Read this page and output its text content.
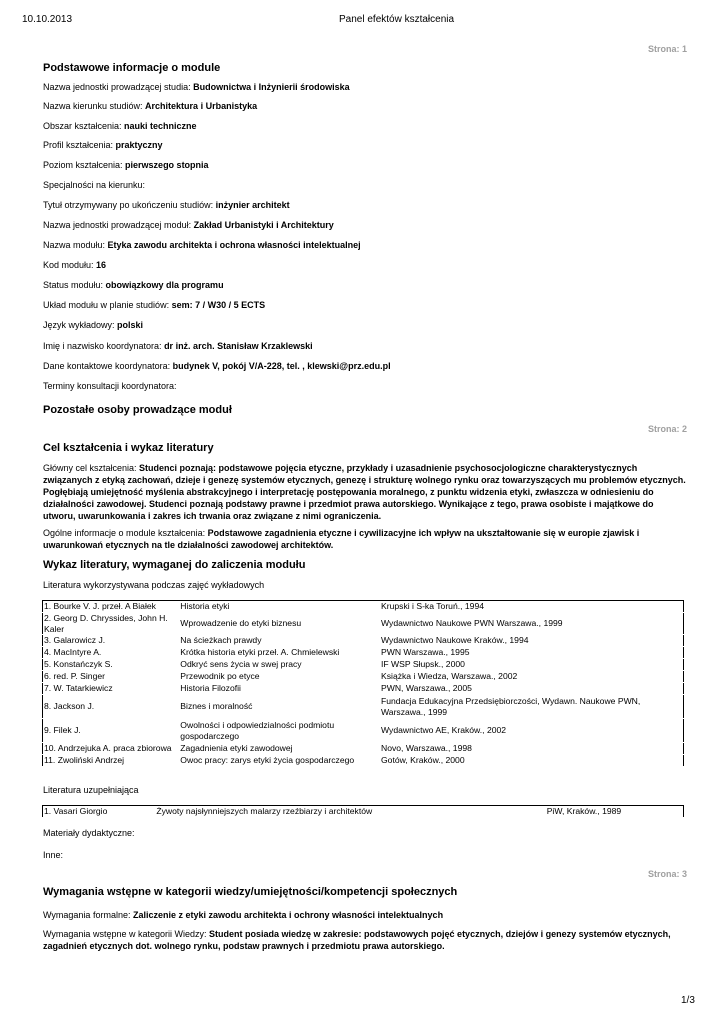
10.10.2013	Panel efektów kształcenia
Strona: 1
Podstawowe informacje o module
Nazwa jednostki prowadzącej studia: Budownictwa i Inżynierii środowiska
Nazwa kierunku studiów: Architektura i Urbanistyka
Obszar kształcenia: nauki techniczne
Profil kształcenia: praktyczny
Poziom kształcenia: pierwszego stopnia
Specjalności na kierunku:
Tytuł otrzymywany po ukończeniu studiów: inżynier architekt
Nazwa jednostki prowadzącej moduł: Zakład Urbanistyki i Architektury
Nazwa modułu: Etyka zawodu architekta i ochrona własności intelektualnej
Kod modułu: 16
Status modułu: obowiązkowy dla programu
Układ modułu w planie studiów: sem: 7 / W30 / 5 ECTS
Język wykładowy: polski
Imię i nazwisko koordynatora: dr inż. arch. Stanisław Krzaklewski
Dane kontaktowe koordynatora: budynek V, pokój V/A-228, tel. , klewski@prz.edu.pl
Terminy konsultacji koordynatora:
Pozostałe osoby prowadzące moduł
Strona: 2
Cel kształcenia i wykaz literatury
Główny cel kształcenia: Studenci poznają: podstawowe pojęcia etyczne, przykłady i uzasadnienie psychosocjologiczne charakterystycznych związanych z etyką zachowań, dzieje i genezę systemów etycznych, genezę i strukturę wolnego rynku oraz towarzyszących mu problemów etycznych. Pogłębiają umiejętność myślenia abstrakcyjnego i interpretację postępowania moralnego, z punktu widzenia etyki, zwłaszcza w odniesieniu do działalności zawodowej. Studenci poznają podstawy prawne i przedmiot prawa autorskiego. Wynikające z tego, prawa osobiste i majątkowe do utworu, uwarunkowania i zakres ich trwania oraz związane z nimi ograniczenia.
Ogólne informacje o module kształcenia: Podstawowe zagadnienia etyczne i cywilizacyjne ich wpływ na ukształtowanie się w europie zjawisk i uwarunkowań etycznych na tle działalności zawodowej architektów.
Wykaz literatury, wymaganej do zaliczenia modułu
Literatura wykorzystywana podczas zajęć wykładowych
1. Bourke V. J. przeł. A Białek	Historia etyki	Krupski i S-ka Toruń., 1994
2. Georg D. Chryssides, John H. Kaler	Wprowadzenie do etyki biznesu	Wydawnictwo Naukowe PWN Warszawa., 1999
3. Galarowicz J.	Na ścieżkach prawdy	Wydawnictwo Naukowe Kraków., 1994
4. MacIntyre A.	Krótka historia etyki przeł. A. Chmielewski	PWN Warszawa., 1995
5. Konstańczyk S.	Odkryć sens życia w swej pracy	IF WSP Słupsk., 2000
6. red. P. Singer	Przewodnik po etyce	Książka i Wiedza, Warszawa., 2002
7. W. Tatarkiewicz	Historia Filozofii	PWN, Warszawa., 2005
8. Jackson J.	Biznes i moralność	Fundacja Edukacyjna Przedsiębiorczości, Wydawn. Naukowe PWN, Warszawa., 1999
9. Filek J.	Owolności i odpowiedzialności podmiotu gospodarczego	Wydawnictwo AE, Kraków., 2002
10. Andrzejuka A. praca zbiorowa	Zagadnienia etyki zawodowej	Novo, Warszawa., 1998
11. Zwoliński Andrzej	Owoc pracy: zarys etyki życia gospodarczego	Gotów, Kraków., 2000
Literatura uzupełniająca
1. Vasari Giorgio	Żywoty najsłynniejszych malarzy rzeźbiarzy i architektów	PiW, Kraków., 1989
Materiały dydaktyczne:
Inne:
Strona: 3
Wymagania wstępne w kategorii wiedzy/umiejętności/kompetencji społecznych
Wymagania formalne: Zaliczenie z etyki zawodu architekta i ochrony własności intelektualnych
Wymagania wstępne w kategorii Wiedzy: Student posiada wiedzę w zakresie: podstawowych pojęć etycznych, dziejów i genezy systemów etycznych, zagadnień etycznych dot. wolnego rynku, podstaw prawnych i przedmiotu prawa autorskiego.
1/3
